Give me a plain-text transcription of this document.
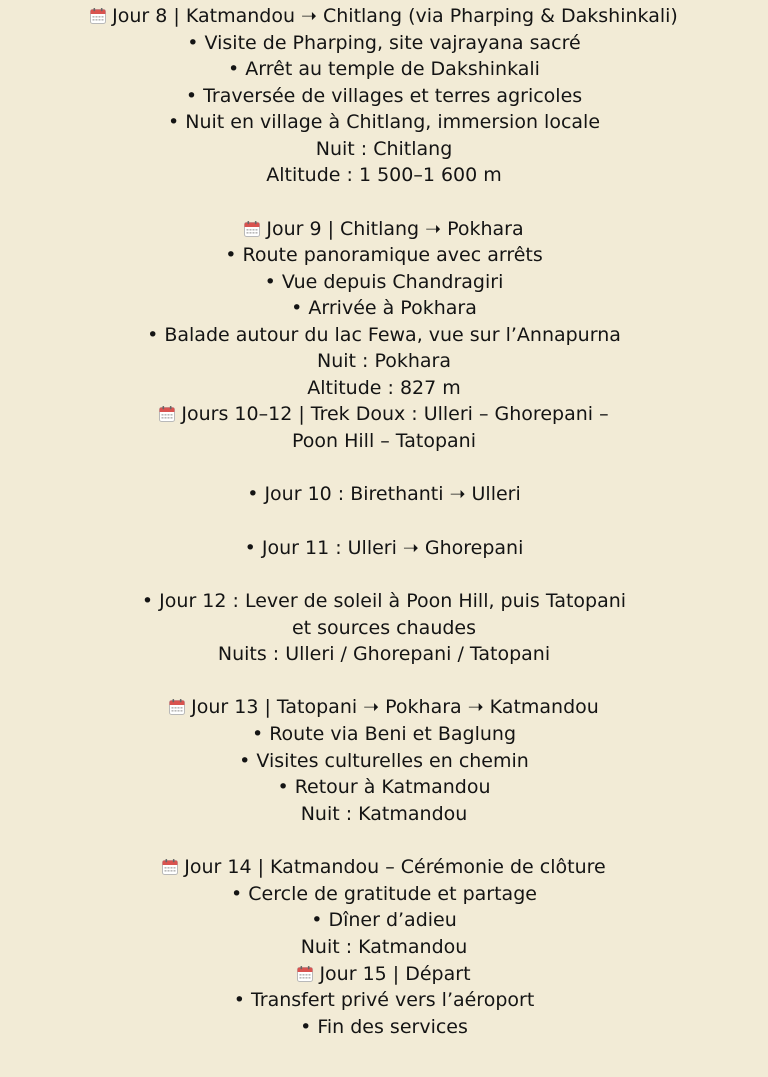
Jour 8 | Katmandou ➝ Chitlang (via Pharping & Dakshinkali)
• Visite de Pharping, site vajrayana sacré
• Arrêt au temple de Dakshinkali
• Traversée de villages et terres agricoles
• Nuit en village à Chitlang, immersion locale
Nuit : Chitlang
Altitude : 1 500–1 600 m
Jour 9 | Chitlang ➝ Pokhara
• Route panoramique avec arrêts
• Vue depuis Chandragiri
• Arrivée à Pokhara
• Balade autour du lac Fewa, vue sur l’Annapurna
Nuit : Pokhara
Altitude : 827 m
Jours 10–12 | Trek Doux : Ulleri – Ghorepani –
Poon Hill – Tatopani
• Jour 10 : Birethanti ➝ Ulleri
• Jour 11 : Ulleri ➝ Ghorepani
• Jour 12 : Lever de soleil à Poon Hill, puis Tatopani
et sources chaudes
Nuits : Ulleri / Ghorepani / Tatopani
Jour 13 | Tatopani ➝ Pokhara ➝ Katmandou
• Route via Beni et Baglung
• Visites culturelles en chemin
• Retour à Katmandou
Nuit : Katmandou
Jour 14 | Katmandou – Cérémonie de clôture
• Cercle de gratitude et partage
• Dîner d’adieu
Nuit : Katmandou
Jour 15 | Départ
• Transfert privé vers l’aéroport
• Fin des services
